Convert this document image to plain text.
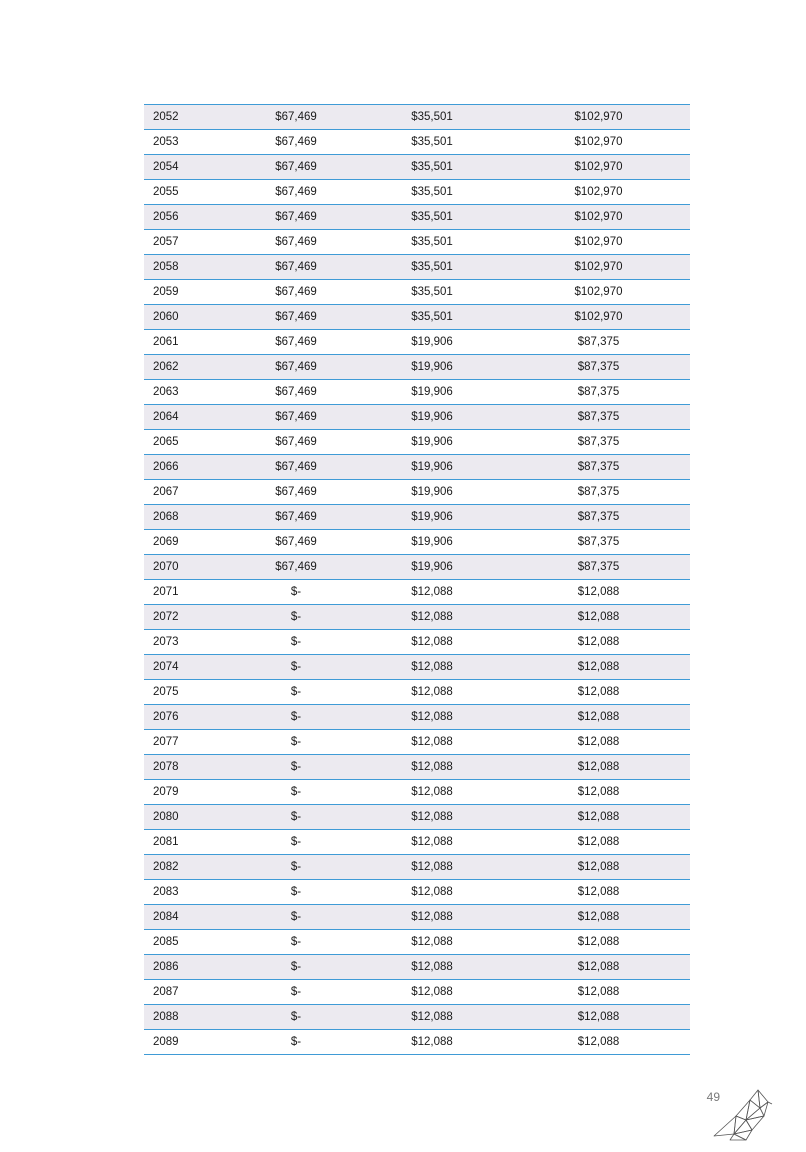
2052	$67,469	$35,501	$102,970
2053	$67,469	$35,501	$102,970
2054	$67,469	$35,501	$102,970
2055	$67,469	$35,501	$102,970
2056	$67,469	$35,501	$102,970
2057	$67,469	$35,501	$102,970
2058	$67,469	$35,501	$102,970
2059	$67,469	$35,501	$102,970
2060	$67,469	$35,501	$102,970
2061	$67,469	$19,906	$87,375
2062	$67,469	$19,906	$87,375
2063	$67,469	$19,906	$87,375
2064	$67,469	$19,906	$87,375
2065	$67,469	$19,906	$87,375
2066	$67,469	$19,906	$87,375
2067	$67,469	$19,906	$87,375
2068	$67,469	$19,906	$87,375
2069	$67,469	$19,906	$87,375
2070	$67,469	$19,906	$87,375
2071	$-	$12,088	$12,088
2072	$-	$12,088	$12,088
2073	$-	$12,088	$12,088
2074	$-	$12,088	$12,088
2075	$-	$12,088	$12,088
2076	$-	$12,088	$12,088
2077	$-	$12,088	$12,088
2078	$-	$12,088	$12,088
2079	$-	$12,088	$12,088
2080	$-	$12,088	$12,088
2081	$-	$12,088	$12,088
2082	$-	$12,088	$12,088
2083	$-	$12,088	$12,088
2084	$-	$12,088	$12,088
2085	$-	$12,088	$12,088
2086	$-	$12,088	$12,088
2087	$-	$12,088	$12,088
2088	$-	$12,088	$12,088
2089	$-	$12,088	$12,088
49
